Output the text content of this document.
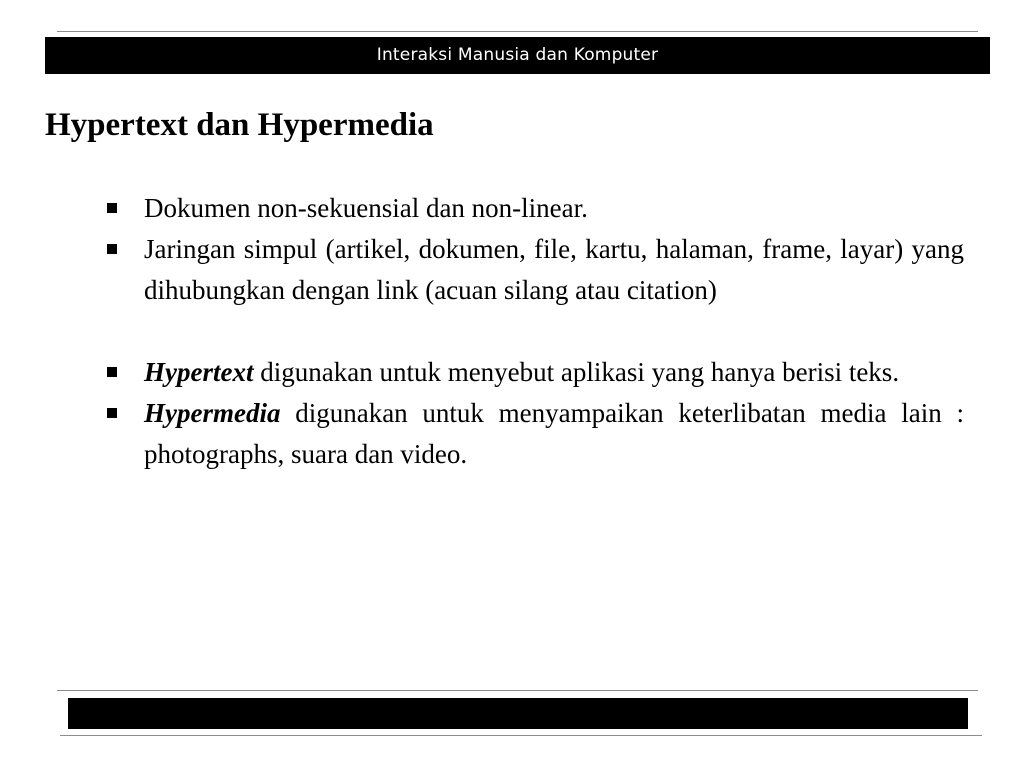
Interaksi Manusia dan Komputer
Hypertext dan Hypermedia
Dokumen non-sekuensial dan non-linear.
Jaringan simpul (artikel, dokumen, file, kartu, halaman, frame, layar) yang dihubungkan dengan link (acuan silang atau citation)
Hypertext digunakan untuk menyebut aplikasi yang hanya berisi teks.
Hypermedia digunakan untuk menyampaikan keterlibatan media lain : photographs, suara dan video.
